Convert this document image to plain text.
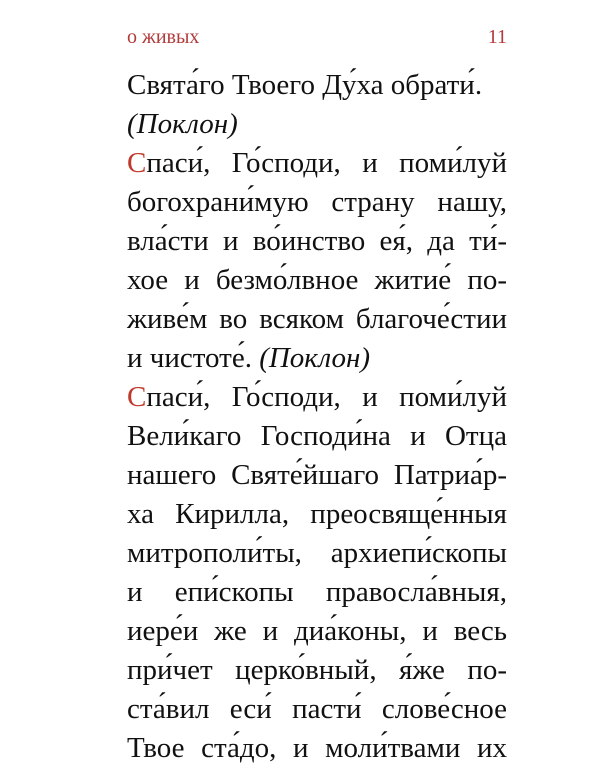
о живых	11
Свята́го Твоего Ду́ха обрати́.
(Поклон)
Спаси́, Го́споди, и поми́луй
богохрани́мую страну нашу,
вла́сти и во́инство ея́, да ти́-
хое и безмо́лвное житие́ по-
живе́м во всяком благоче́стии
и чистоте́. (Поклон)
Спаси́, Го́споди, и поми́луй
Вели́каго Господи́на и Отца
нашего Святе́йшаго Патриа́р-
ха Кирилла, преосвяще́нныя
митрополи́ты, архиепи́скопы
и епи́скопы правосла́вныя,
иере́и же и диа́коны, и весь
при́чет церко́вный, я́же по-
ста́вил еси́ пасти́ слове́сное
Твое ста́до, и моли́твами их
